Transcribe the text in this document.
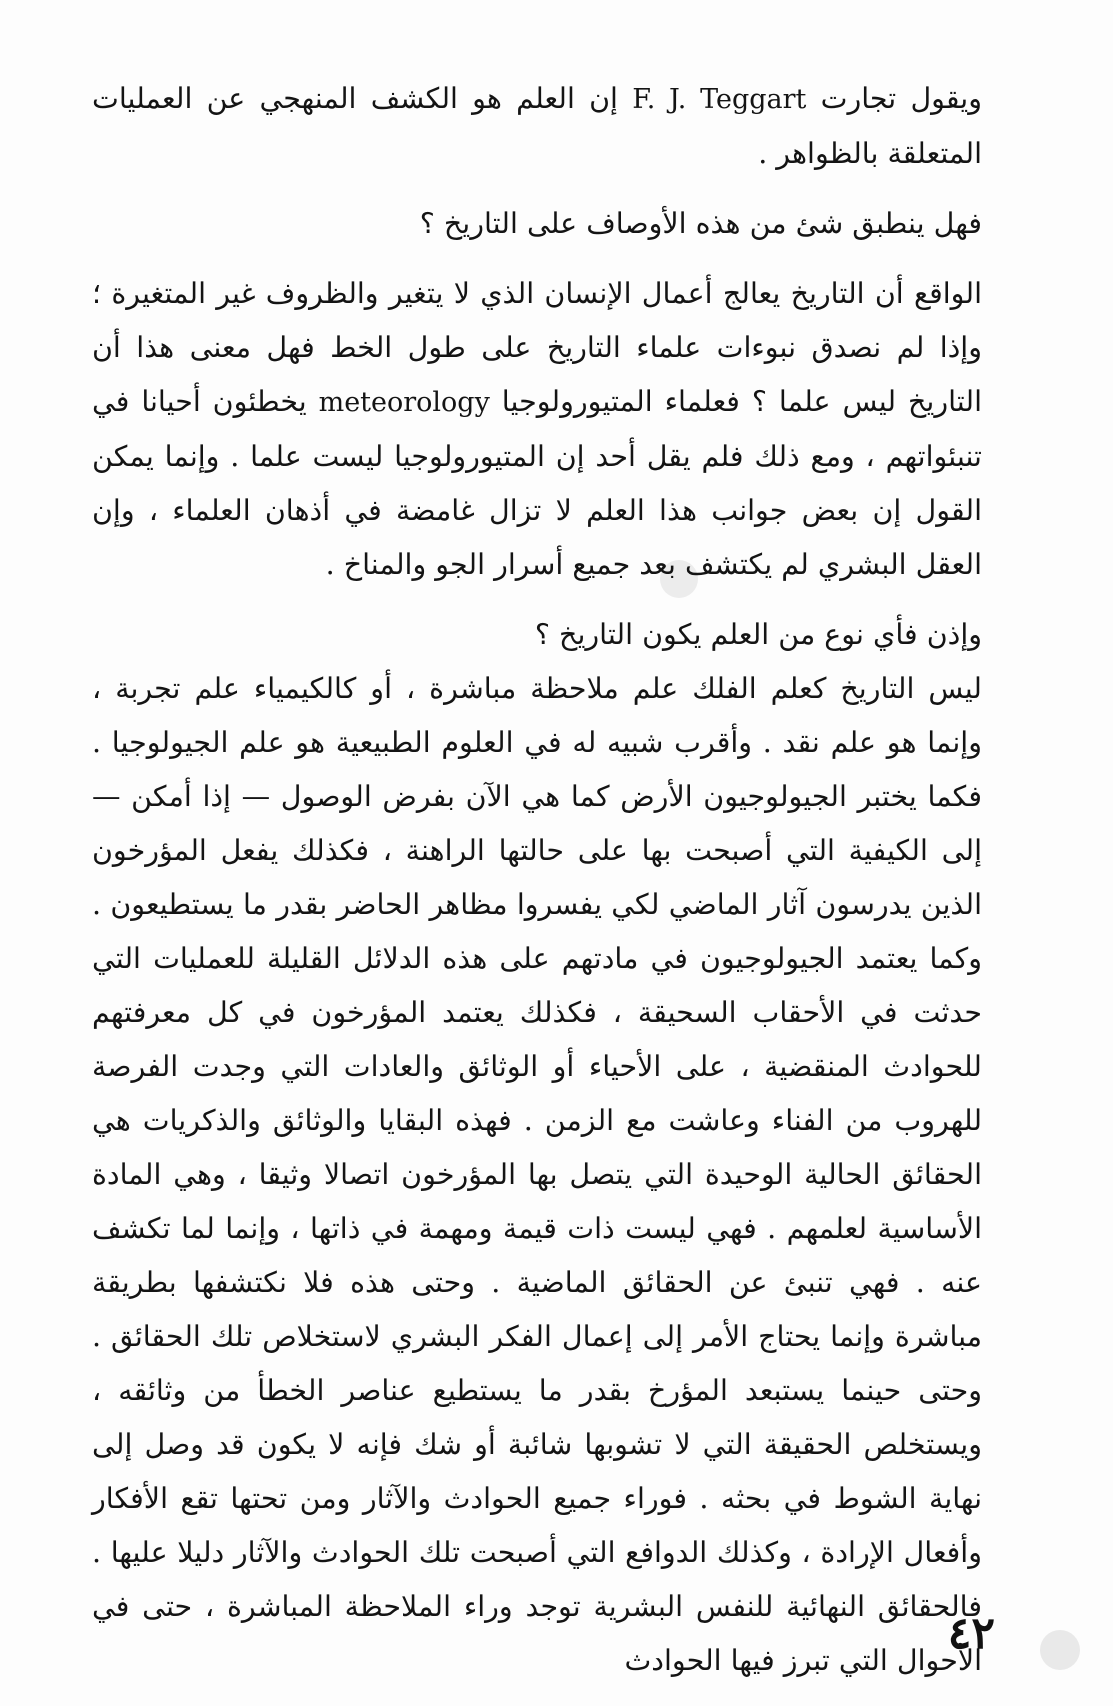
ويقول تجارت F. J. Teggart إن العلم هو الكشف المنهجي عن العمليات المتعلقة بالظواهر .

فهل ينطبق شئ من هذه الأوصاف على التاريخ ؟

الواقع أن التاريخ يعالج أعمال الإنسان الذي لا يتغير والظروف غير المتغيرة ؛ وإذا لم نصدق نبوءات علماء التاريخ على طول الخط فهل معنى هذا أن التاريخ ليس علما ؟ فعلماء المتيورولوجيا meteorology يخطئون أحيانا في تنبئواتهم ، ومع ذلك فلم يقل أحد إن المتيورولوجيا ليست علما . وإنما يمكن القول إن بعض جوانب هذا العلم لا تزال غامضة في أذهان العلماء ، وإن العقل البشري لم يكتشف بعد جميع أسرار الجو والمناخ .

وإذن فأي نوع من العلم يكون التاريخ ؟

ليس التاريخ كعلم الفلك علم ملاحظة مباشرة ، أو كالكيمياء علم تجربة ، وإنما هو علم نقد . وأقرب شبيه له في العلوم الطبيعية هو علم الجيولوجيا . فكما يختبر الجيولوجيون الأرض كما هي الآن بفرض الوصول — إذا أمكن — إلى الكيفية التي أصبحت بها على حالتها الراهنة ، فكذلك يفعل المؤرخون الذين يدرسون آثار الماضي لكي يفسروا مظاهر الحاضر بقدر ما يستطيعون . وكما يعتمد الجيولوجيون في مادتهم على هذه الدلائل القليلة للعمليات التي حدثت في الأحقاب السحيقة ، فكذلك يعتمد المؤرخون في كل معرفتهم للحوادث المنقضية ، على الأحياء أو الوثائق والعادات التي وجدت الفرصة للهروب من الفناء وعاشت مع الزمن . فهذه البقايا والوثائق والذكريات هي الحقائق الحالية الوحيدة التي يتصل بها المؤرخون اتصالا وثيقا ، وهي المادة الأساسية لعلمهم . فهي ليست ذات قيمة ومهمة في ذاتها ، وإنما لما تكشف عنه . فهي تنبئ عن الحقائق الماضية . وحتى هذه فلا نكتشفها بطريقة مباشرة وإنما يحتاج الأمر إلى إعمال الفكر البشري لاستخلاص تلك الحقائق . وحتى حينما يستبعد المؤرخ بقدر ما يستطيع عناصر الخطأ من وثائقه ، ويستخلص الحقيقة التي لا تشوبها شائبة أو شك فإنه لا يكون قد وصل إلى نهاية الشوط في بحثه . فوراء جميع الحوادث والآثار ومن تحتها تقع الأفكار وأفعال الإرادة ، وكذلك الدوافع التي أصبحت تلك الحوادث والآثار دليلا عليها . فالحقائق النهائية للنفس البشرية توجد وراء الملاحظة المباشرة ، حتى في الأحوال التي تبرز فيها الحوادث

٤٢
